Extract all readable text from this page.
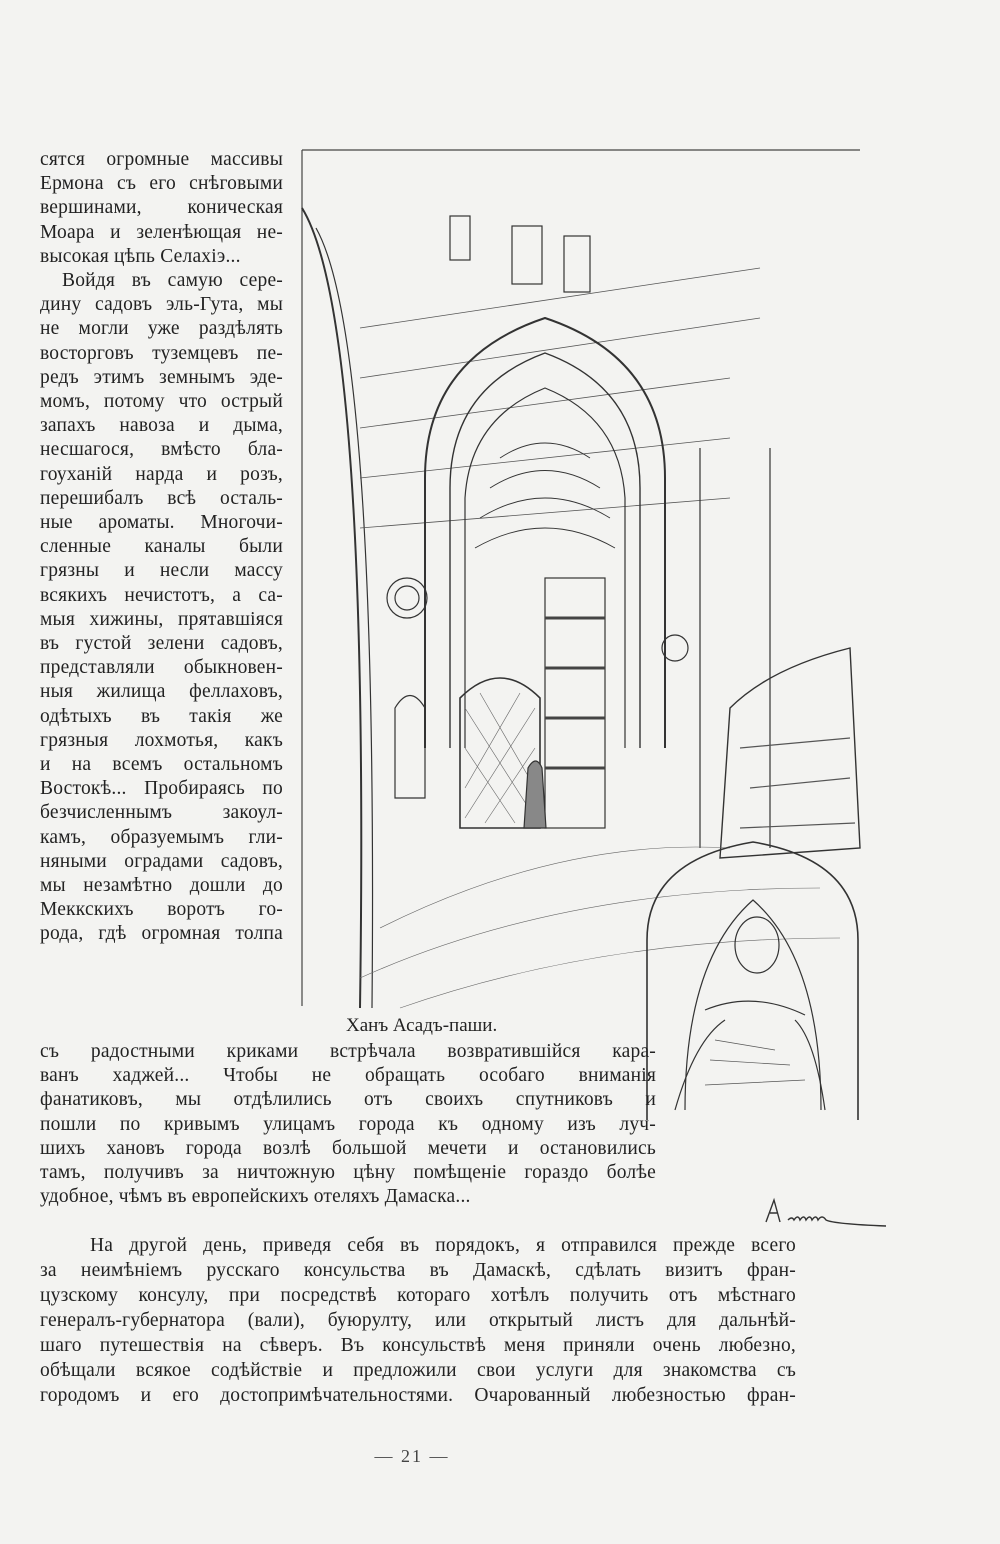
сятся огромные массивы
Ермона съ его снѣговыми
вершинами, коническая
Моара и зеленѣющая не-
высокая цѣпь Селахіэ...
Войдя въ самую сере-
дину садовъ эль-Гута, мы
не могли уже раздѣлять
восторговъ туземцевъ пе-
редъ этимъ земнымъ эде-
момъ, потому что острый
запахъ навоза и дыма,
несшагося, вмѣсто бла-
гоуханій нарда и розъ,
перешибалъ всѣ осталь-
ные ароматы. Многочи-
сленные каналы были
грязны и несли массу
всякихъ нечистотъ, а са-
мыя хижины, прятавшіяся
въ густой зелени садовъ,
представляли обыкновен-
ныя жилища феллаховъ,
одѣтыхъ въ такія же
грязныя лохмотья, какъ
и на всемъ остальномъ
Востокѣ... Пробираясь по
безчисленнымъ закоул-
камъ, образуемымъ гли-
няными оградами садовъ,
мы незамѣтно дошли до
Меккскихъ воротъ го-
рода, гдѣ огромная толпа
Ханъ Асадъ-паши.
съ радостными криками встрѣчала возвратившійся кара-
ванъ хаджей... Чтобы не обращать особаго вниманія
фанатиковъ, мы отдѣлились отъ своихъ спутниковъ и
пошли по кривымъ улицамъ города къ одному изъ луч-
шихъ хановъ города возлѣ большой мечети и остановились
тамъ, получивъ за ничтожную цѣну помѣщеніе гораздо болѣе
удобное, чѣмъ въ европейскихъ отеляхъ Дамаска...
На другой день, приведя себя въ порядокъ, я отправился прежде всего
за неимѣніемъ русскаго консульства въ Дамаскѣ, сдѣлать визитъ фран-
цузскому консулу, при посредствѣ котораго хотѣлъ получить отъ мѣстнаго
генералъ-губернатора (вали), буюрулту, или открытый листъ для дальнѣй-
шаго путешествія на сѣверъ. Въ консульствѣ меня приняли очень любезно,
обѣщали всякое содѣйствіе и предложили свои услуги для знакомства съ
городомъ и его достопримѣчательностями. Очарованный любезностью фран-
— 21 —
